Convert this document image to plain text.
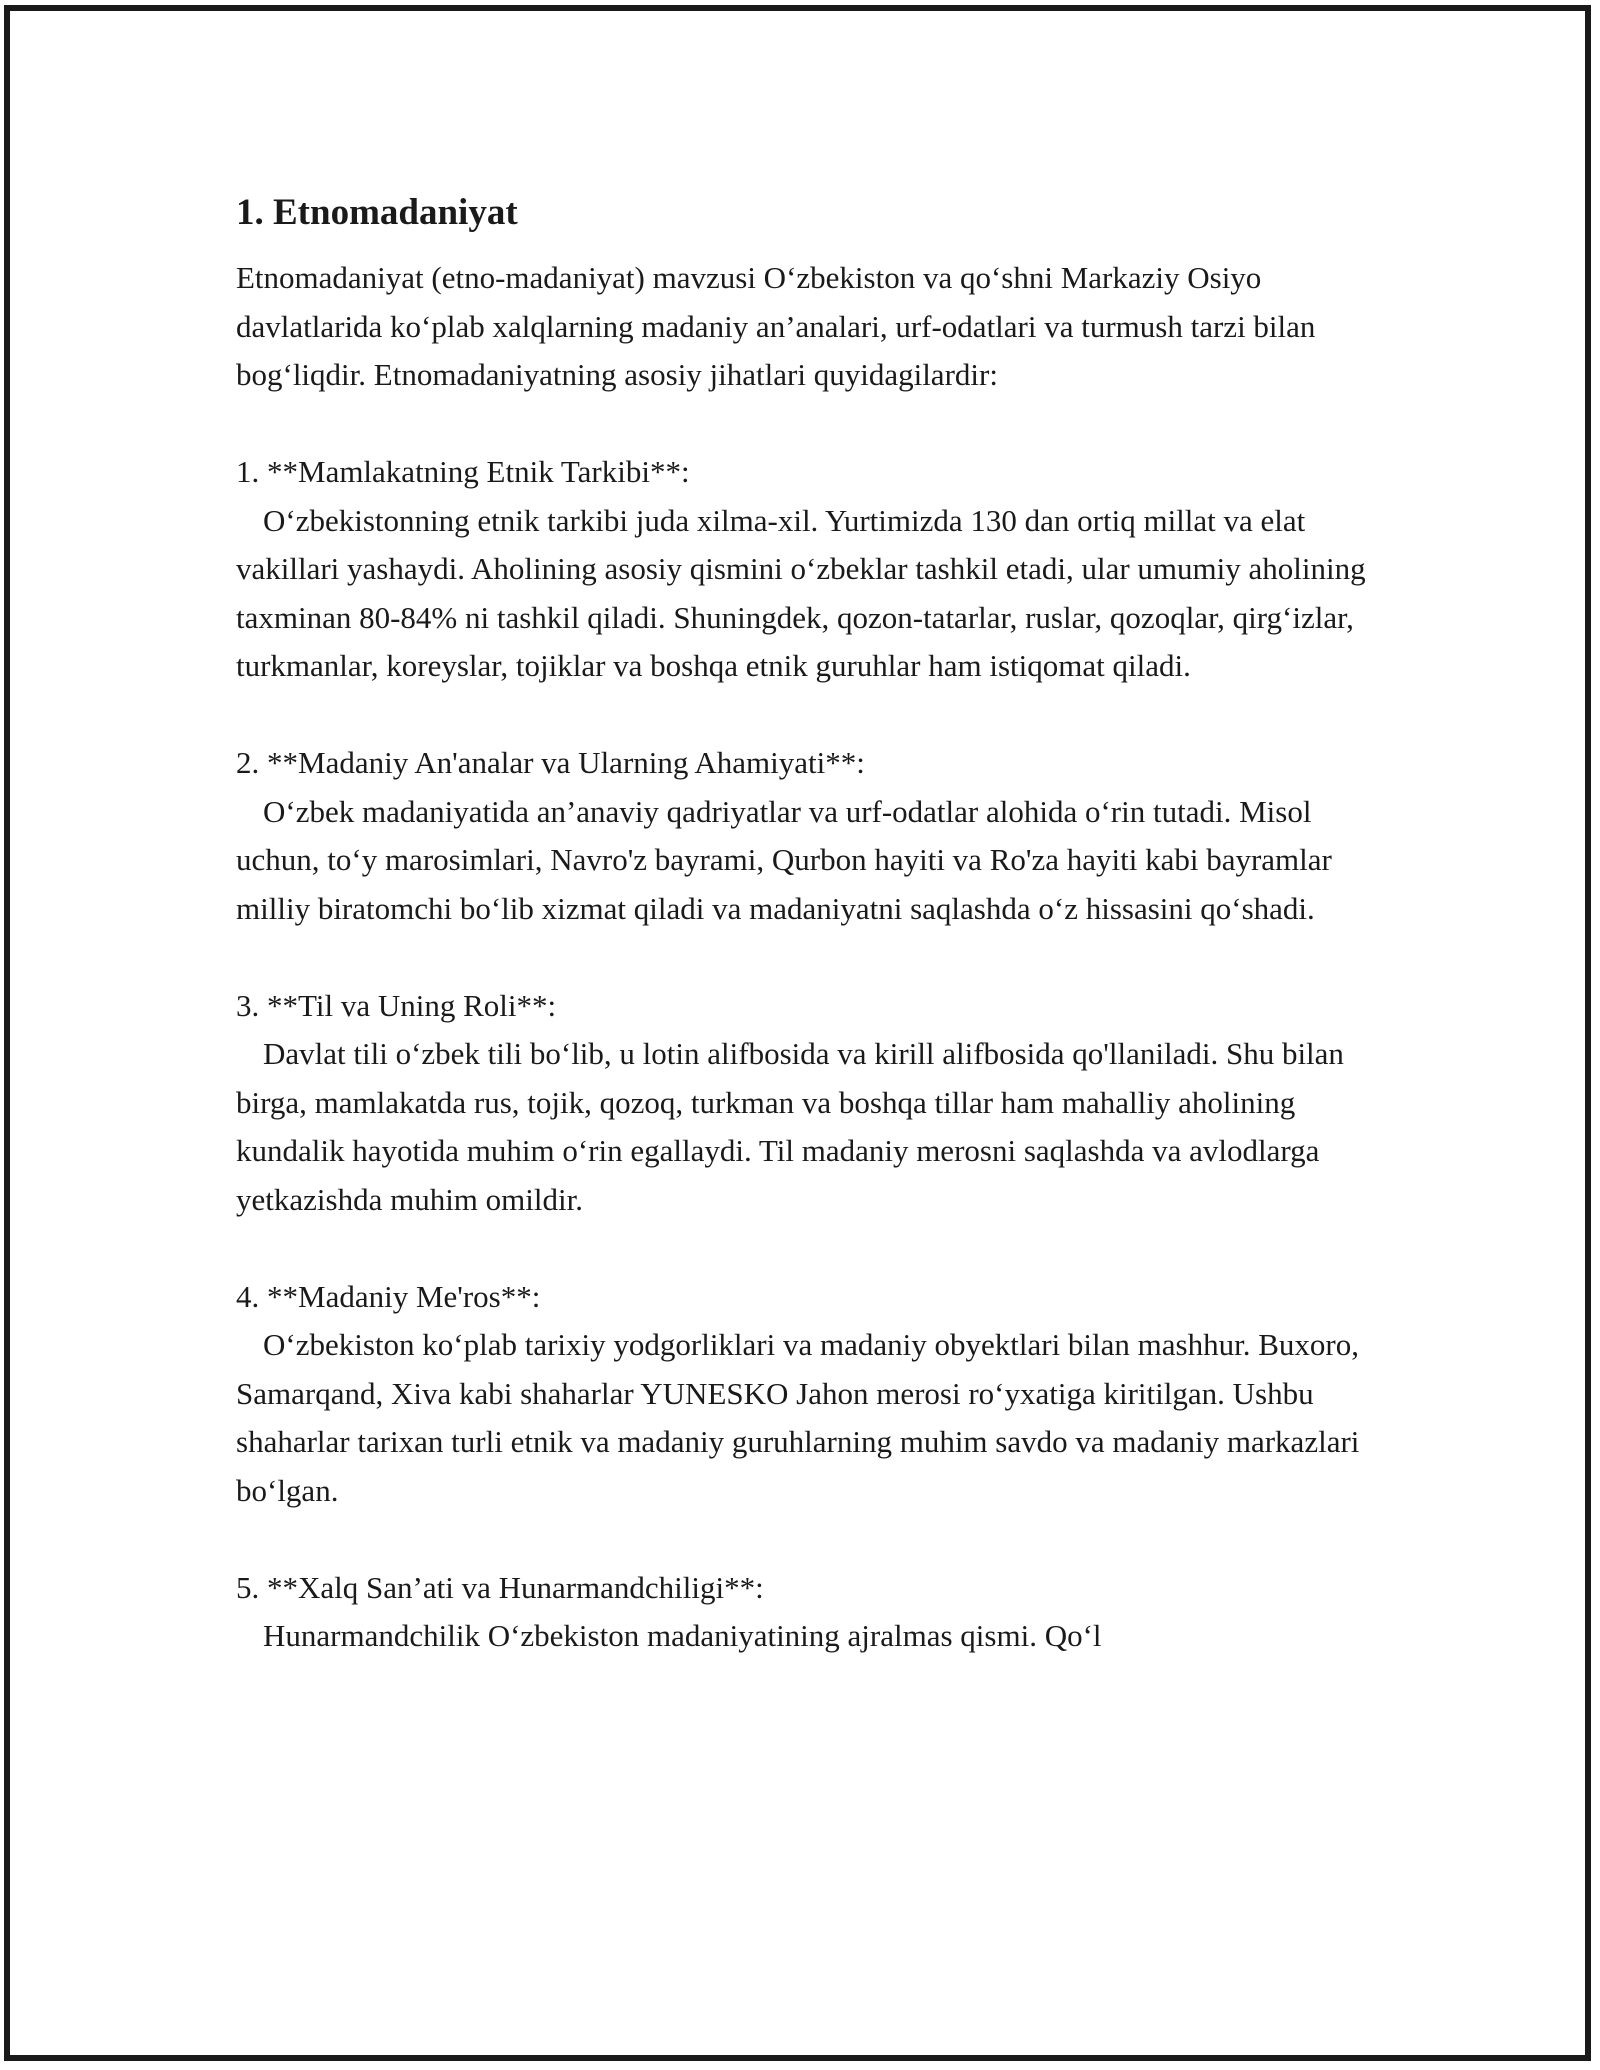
1. Etnomadaniyat

Etnomadaniyat (etno-madaniyat) mavzusi O‘zbekiston va qo‘shni Markaziy Osiyo davlatlarida ko‘plab xalqlarning madaniy an’analari, urf-odatlari va turmush tarzi bilan bog‘liqdir. Etnomadaniyatning asosiy jihatlari quyidagilardir:

1. **Mamlakatning Etnik Tarkibi**:

O‘zbekistonning etnik tarkibi juda xilma-xil. Yurtimizda 130 dan ortiq millat va elat vakillari yashaydi. Aholining asosiy qismini o‘zbeklar tashkil etadi, ular umumiy aholining taxminan 80-84% ni tashkil qiladi. Shuningdek, qozon-tatarlar, ruslar, qozoqlar, qirg‘izlar, turkmanlar, koreyslar, tojiklar va boshqa etnik guruhlar ham istiqomat qiladi.

2. **Madaniy An'analar va Ularning Ahamiyati**:

O‘zbek madaniyatida an’anaviy qadriyatlar va urf-odatlar alohida o‘rin tutadi. Misol uchun, to‘y marosimlari, Navro'z bayrami, Qurbon hayiti va Ro'za hayiti kabi bayramlar milliy biratomchi bo‘lib xizmat qiladi va madaniyatni saqlashda o‘z hissasini qo‘shadi.

3. **Til va Uning Roli**:

Davlat tili o‘zbek tili bo‘lib, u lotin alifbosida va kirill alifbosida qo'llaniladi. Shu bilan birga, mamlakatda rus, tojik, qozoq, turkman va boshqa tillar ham mahalliy aholining kundalik hayotida muhim o‘rin egallaydi. Til madaniy merosni saqlashda va avlodlarga yetkazishda muhim omildir.

4. **Madaniy Me'ros**:

O‘zbekiston ko‘plab tarixiy yodgorliklari va madaniy obyektlari bilan mashhur. Buxoro, Samarqand, Xiva kabi shaharlar YUNESKO Jahon merosi ro‘yxatiga kiritilgan. Ushbu shaharlar tarixan turli etnik va madaniy guruhlarning muhim savdo va madaniy markazlari bo‘lgan.

5. **Xalq San’ati va Hunarmandchiligi**:

Hunarmandchilik O‘zbekiston madaniyatining ajralmas qismi. Qo‘l
